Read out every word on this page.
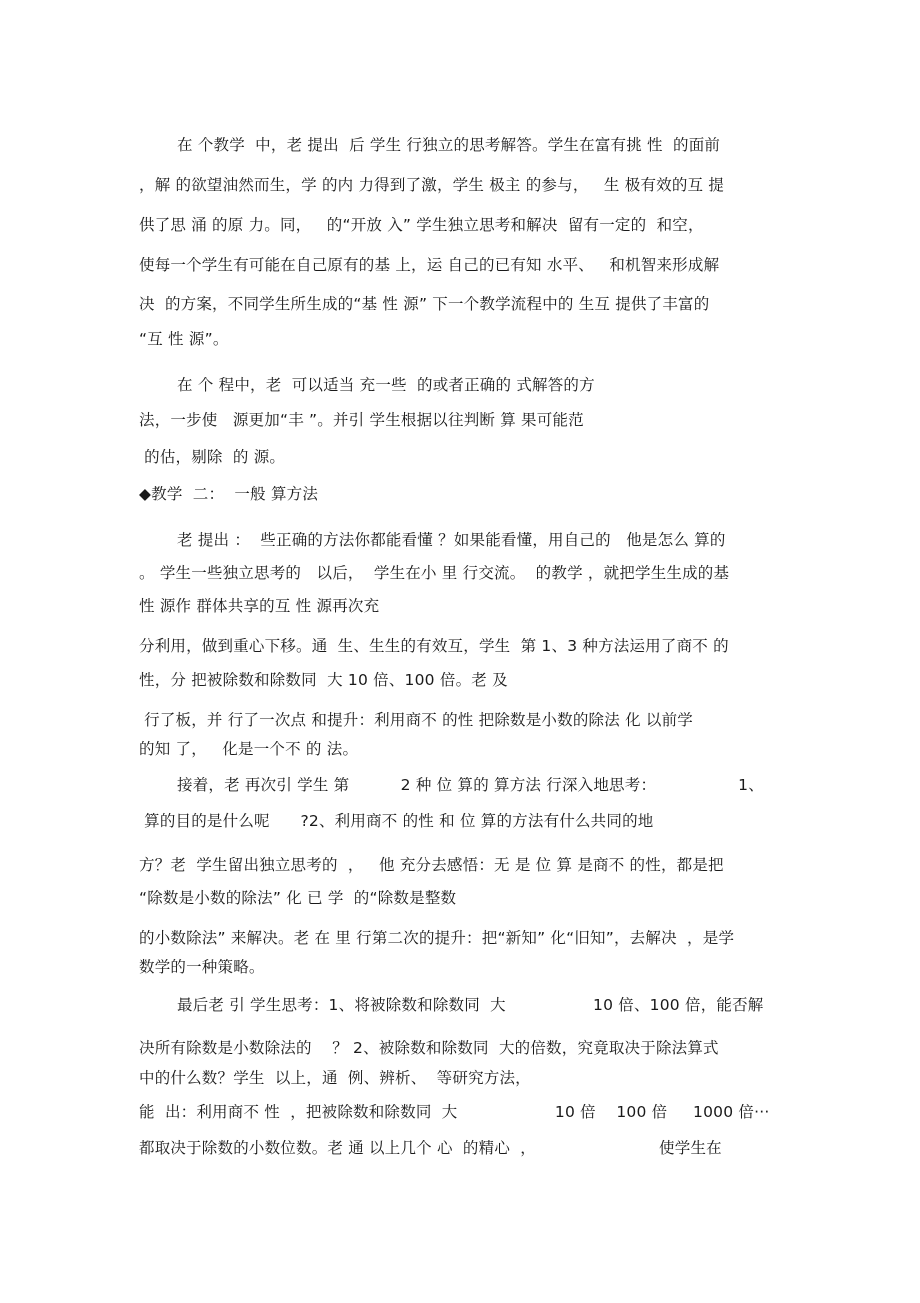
在 个教学  中，老 提出  后 学生 行独立的思考解答。学生在富有挑 性  的面前
，解 的欲望油然而生，学 的内 力得到了激，学生 极主 的参与，   生 极有效的互 提
供了思 涌 的原 力。同，   的“开放 入” 学生独立思考和解决  留有一定的  和空，
使每一个学生有可能在自己原有的基 上，运 自己的已有知 水平、   和机智来形成解
决  的方案，不同学生所生成的“基 性 源” 下一个教学流程中的 生互 提供了丰富的
“互 性 源”。
在 个 程中，老  可以适当 充一些  的或者正确的 式解答的方
法，一步使   源更加“丰 ”。并引 学生根据以往判断 算 果可能范
的估，剔除  的 源。
◆教学  二：  一般 算方法
老 提出 ：  些正确的方法你都能看懂 ？如果能看懂，用自己的   他是怎么 算的
。 学生一些独立思考的   以后，  学生在小 里 行交流。  的教学 ，就把学生生成的基
性 源作 群体共享的互 性 源再次充
分利用，做到重心下移。通  生、生生的有效互，学生  第 1、3 种方法运用了商不 的
性，分 把被除数和除数同  大 10 倍、100 倍。老 及
行了板，并 行了一次点 和提升：利用商不 的性 把除数是小数的除法 化 以前学
的知 了，   化是一个不 的 法。
接着，老 再次引 学生 第          2 种 位 算的 算方法 行深入地思考：                1、
算的目的是什么呢      ?2、利用商不 的性 和 位 算的方法有什么共同的地
方？老  学生留出独立思考的  ，   他 充分去感悟：无 是 位 算 是商不 的性，都是把
“除数是小数的除法” 化 已 学  的“除数是整数
的小数除法” 来解决。老 在 里 行第二次的提升：把“新知” 化“旧知”，去解决  ，是学
数学的一种策略。
最后老 引 学生思考：1、将被除数和除数同  大                 10 倍、100 倍，能否解
决所有除数是小数除法的    ？ 2、被除数和除数同  大的倍数，究竟取决于除法算式
中的什么数？学生  以上，通  例、辨析、  等研究方法，
能  出：利用商不 性  ，把被除数和除数同  大                   10 倍    100 倍     1000 倍···
都取决于除数的小数位数。老 通 以上几个 心  的精心  ，                        使学生在
